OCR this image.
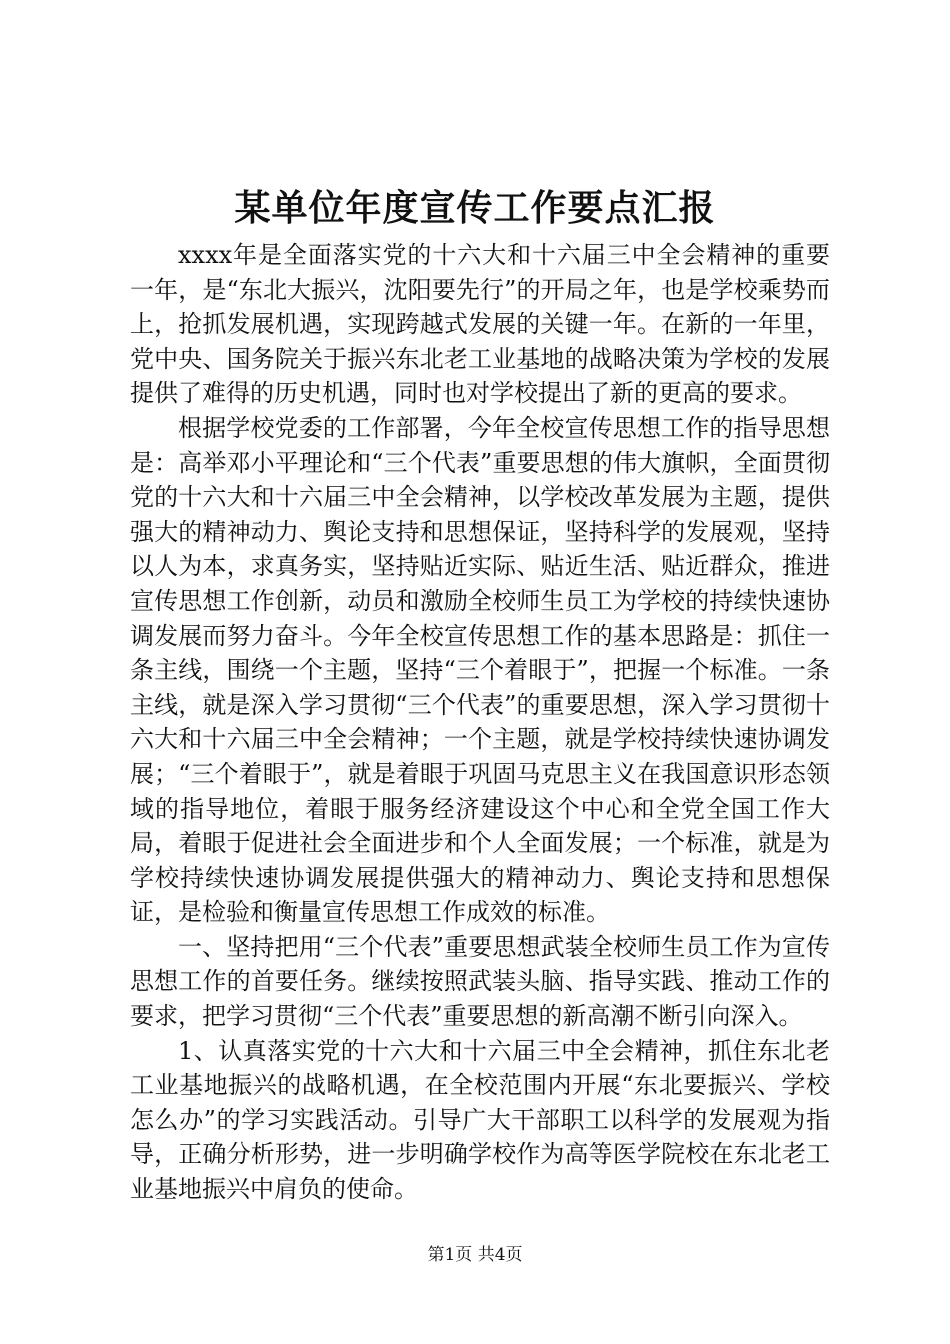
某单位年度宣传工作要点汇报

xxxx年是全面落实党的十六大和十六届三中全会精神的重要一年，是“东北大振兴，沈阳要先行”的开局之年，也是学校乘势而上，抢抓发展机遇，实现跨越式发展的关键一年。在新的一年里，党中央、国务院关于振兴东北老工业基地的战略决策为学校的发展提供了难得的历史机遇，同时也对学校提出了新的更高的要求。

根据学校党委的工作部署，今年全校宣传思想工作的指导思想是：高举邓小平理论和“三个代表”重要思想的伟大旗帜，全面贯彻党的十六大和十六届三中全会精神，以学校改革发展为主题，提供强大的精神动力、舆论支持和思想保证，坚持科学的发展观，坚持以人为本，求真务实，坚持贴近实际、贴近生活、贴近群众，推进宣传思想工作创新，动员和激励全校师生员工为学校的持续快速协调发展而努力奋斗。今年全校宣传思想工作的基本思路是：抓住一条主线，围绕一个主题，坚持“三个着眼于”，把握一个标准。一条主线，就是深入学习贯彻“三个代表”的重要思想，深入学习贯彻十六大和十六届三中全会精神；一个主题，就是学校持续快速协调发展；“三个着眼于”，就是着眼于巩固马克思主义在我国意识形态领域的指导地位，着眼于服务经济建设这个中心和全党全国工作大局，着眼于促进社会全面进步和个人全面发展；一个标准，就是为学校持续快速协调发展提供强大的精神动力、舆论支持和思想保证，是检验和衡量宣传思想工作成效的标准。

一、坚持把用“三个代表”重要思想武装全校师生员工作为宣传思想工作的首要任务。继续按照武装头脑、指导实践、推动工作的要求，把学习贯彻“三个代表”重要思想的新高潮不断引向深入。

1、认真落实党的十六大和十六届三中全会精神，抓住东北老工业基地振兴的战略机遇，在全校范围内开展“东北要振兴、学校怎么办”的学习实践活动。引导广大干部职工以科学的发展观为指导，正确分析形势，进一步明确学校作为高等医学院校在东北老工业基地振兴中肩负的使命。

第1页 共4页
